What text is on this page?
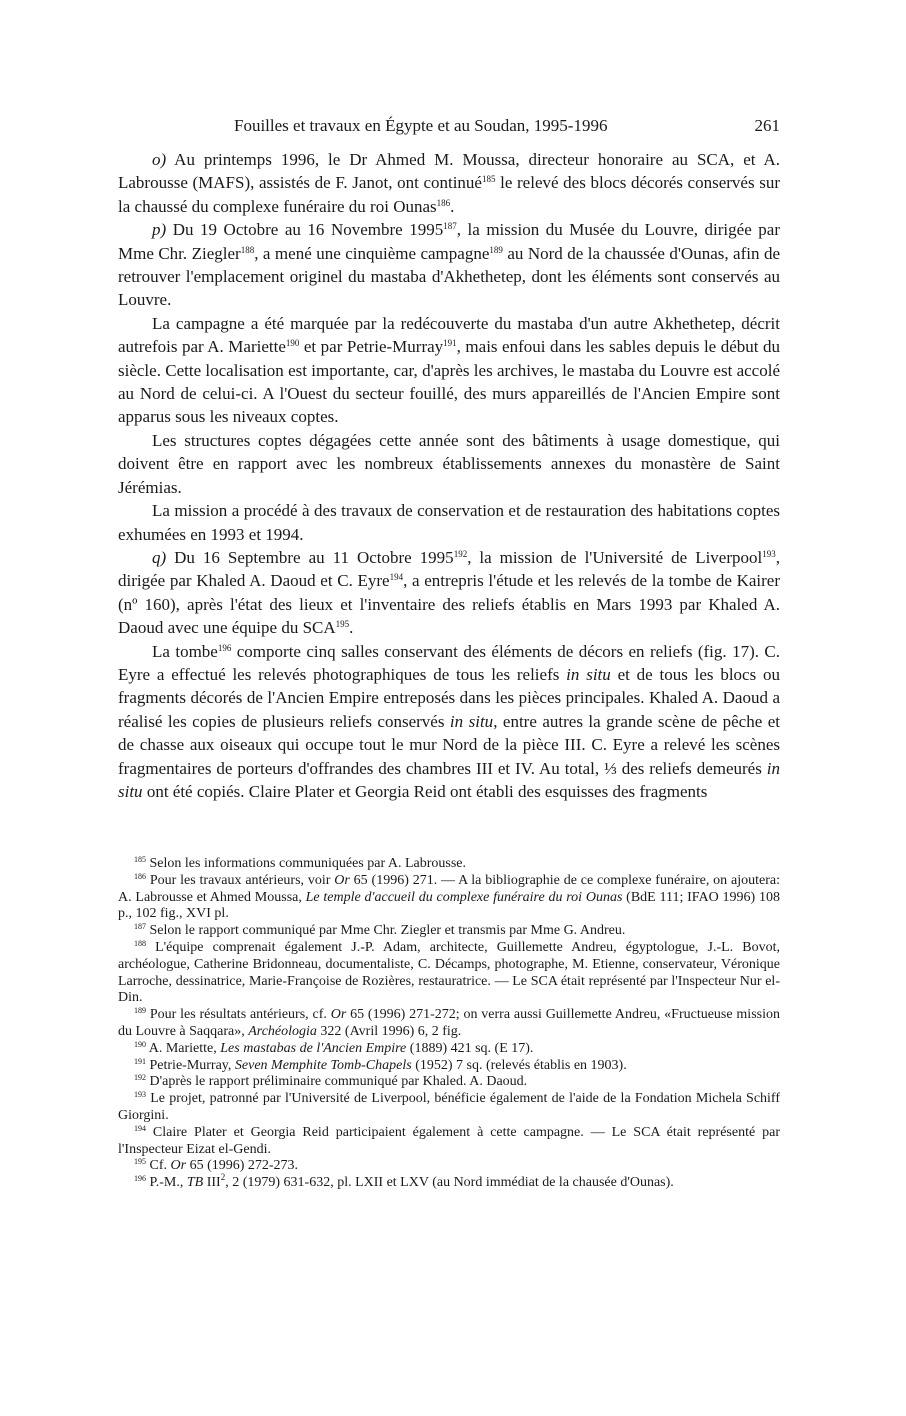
Fouilles et travaux en Égypte et au Soudan, 1995-1996	261

o) Au printemps 1996, le Dr Ahmed M. Moussa, directeur honoraire au SCA, et A. Labrousse (MAFS), assistés de F. Janot, ont continué$^{185}$ le relevé des blocs décorés conservés sur la chaussé du complexe funéraire du roi Ounas$^{186}$.

p) Du 19 Octobre au 16 Novembre 1995$^{187}$, la mission du Musée du Louvre, dirigée par Mme Chr. Ziegler$^{188}$, a mené une cinquième campagne$^{189}$ au Nord de la chaussée d'Ounas, afin de retrouver l'emplacement originel du mastaba d'Akhethetep, dont les éléments sont conservés au Louvre.

La campagne a été marquée par la redécouverte du mastaba d'un autre Akhethetep, décrit autrefois par A. Mariette$^{190}$ et par Petrie-Murray$^{191}$, mais enfoui dans les sables depuis le début du siècle. Cette localisation est importante, car, d'après les archives, le mastaba du Louvre est accolé au Nord de celui-ci. A l'Ouest du secteur fouillé, des murs appareillés de l'Ancien Empire sont apparus sous les niveaux coptes.

Les structures coptes dégagées cette année sont des bâtiments à usage domestique, qui doivent être en rapport avec les nombreux établissements annexes du monastère de Saint Jérémias.

La mission a procédé à des travaux de conservation et de restauration des habitations coptes exhumées en 1993 et 1994.

q) Du 16 Septembre au 11 Octobre 1995$^{192}$, la mission de l'Université de Liverpool$^{193}$, dirigée par Khaled A. Daoud et C. Eyre$^{194}$, a entrepris l'étude et les relevés de la tombe de Kairer (nº 160), après l'état des lieux et l'inventaire des reliefs établis en Mars 1993 par Khaled A. Daoud avec une équipe du SCA$^{195}$.

La tombe$^{196}$ comporte cinq salles conservant des éléments de décors en reliefs (fig. 17). C. Eyre a effectué les relevés photographiques de tous les reliefs in situ et de tous les blocs ou fragments décorés de l'Ancien Empire entreposés dans les pièces principales. Khaled A. Daoud a réalisé les copies de plusieurs reliefs conservés in situ, entre autres la grande scène de pêche et de chasse aux oiseaux qui occupe tout le mur Nord de la pièce III. C. Eyre a relevé les scènes fragmentaires de porteurs d'offrandes des chambres III et IV. Au total, ⅓ des reliefs demeurés in situ ont été copiés. Claire Plater et Georgia Reid ont établi des esquisses des fragments

$^{185}$ Selon les informations communiquées par A. Labrousse.

$^{186}$ Pour les travaux antérieurs, voir Or 65 (1996) 271. — A la bibliographie de ce complexe funéraire, on ajoutera: A. Labrousse et Ahmed Moussa, Le temple d'accueil du complexe funéraire du roi Ounas (BdE 111; IFAO 1996) 108 p., 102 fig., XVI pl.

$^{187}$ Selon le rapport communiqué par Mme Chr. Ziegler et transmis par Mme G. Andreu.

$^{188}$ L'équipe comprenait également J.-P. Adam, architecte, Guillemette Andreu, égyptologue, J.-L. Bovot, archéologue, Catherine Bridonneau, documentaliste, C. Décamps, photographe, M. Etienne, conservateur, Véronique Larroche, dessinatrice, Marie-Françoise de Rozières, restauratrice. — Le SCA était représenté par l'Inspecteur Nur el-Din.

$^{189}$ Pour les résultats antérieurs, cf. Or 65 (1996) 271-272; on verra aussi Guillemette Andreu, «Fructueuse mission du Louvre à Saqqara», Archéologia 322 (Avril 1996) 6, 2 fig.

$^{190}$ A. Mariette, Les mastabas de l'Ancien Empire (1889) 421 sq. (E 17).

$^{191}$ Petrie-Murray, Seven Memphite Tomb-Chapels (1952) 7 sq. (relevés établis en 1903).

$^{192}$ D'après le rapport préliminaire communiqué par Khaled. A. Daoud.

$^{193}$ Le projet, patronné par l'Université de Liverpool, bénéficie également de l'aide de la Fondation Michela Schiff Giorgini.

$^{194}$ Claire Plater et Georgia Reid participaient également à cette campagne. — Le SCA était représenté par l'Inspecteur Eizat el-Gendi.

$^{195}$ Cf. Or 65 (1996) 272-273.

$^{196}$ P.-M., TB III$^2$, 2 (1979) 631-632, pl. LXII et LXV (au Nord immédiat de la chausée d'Ounas).
